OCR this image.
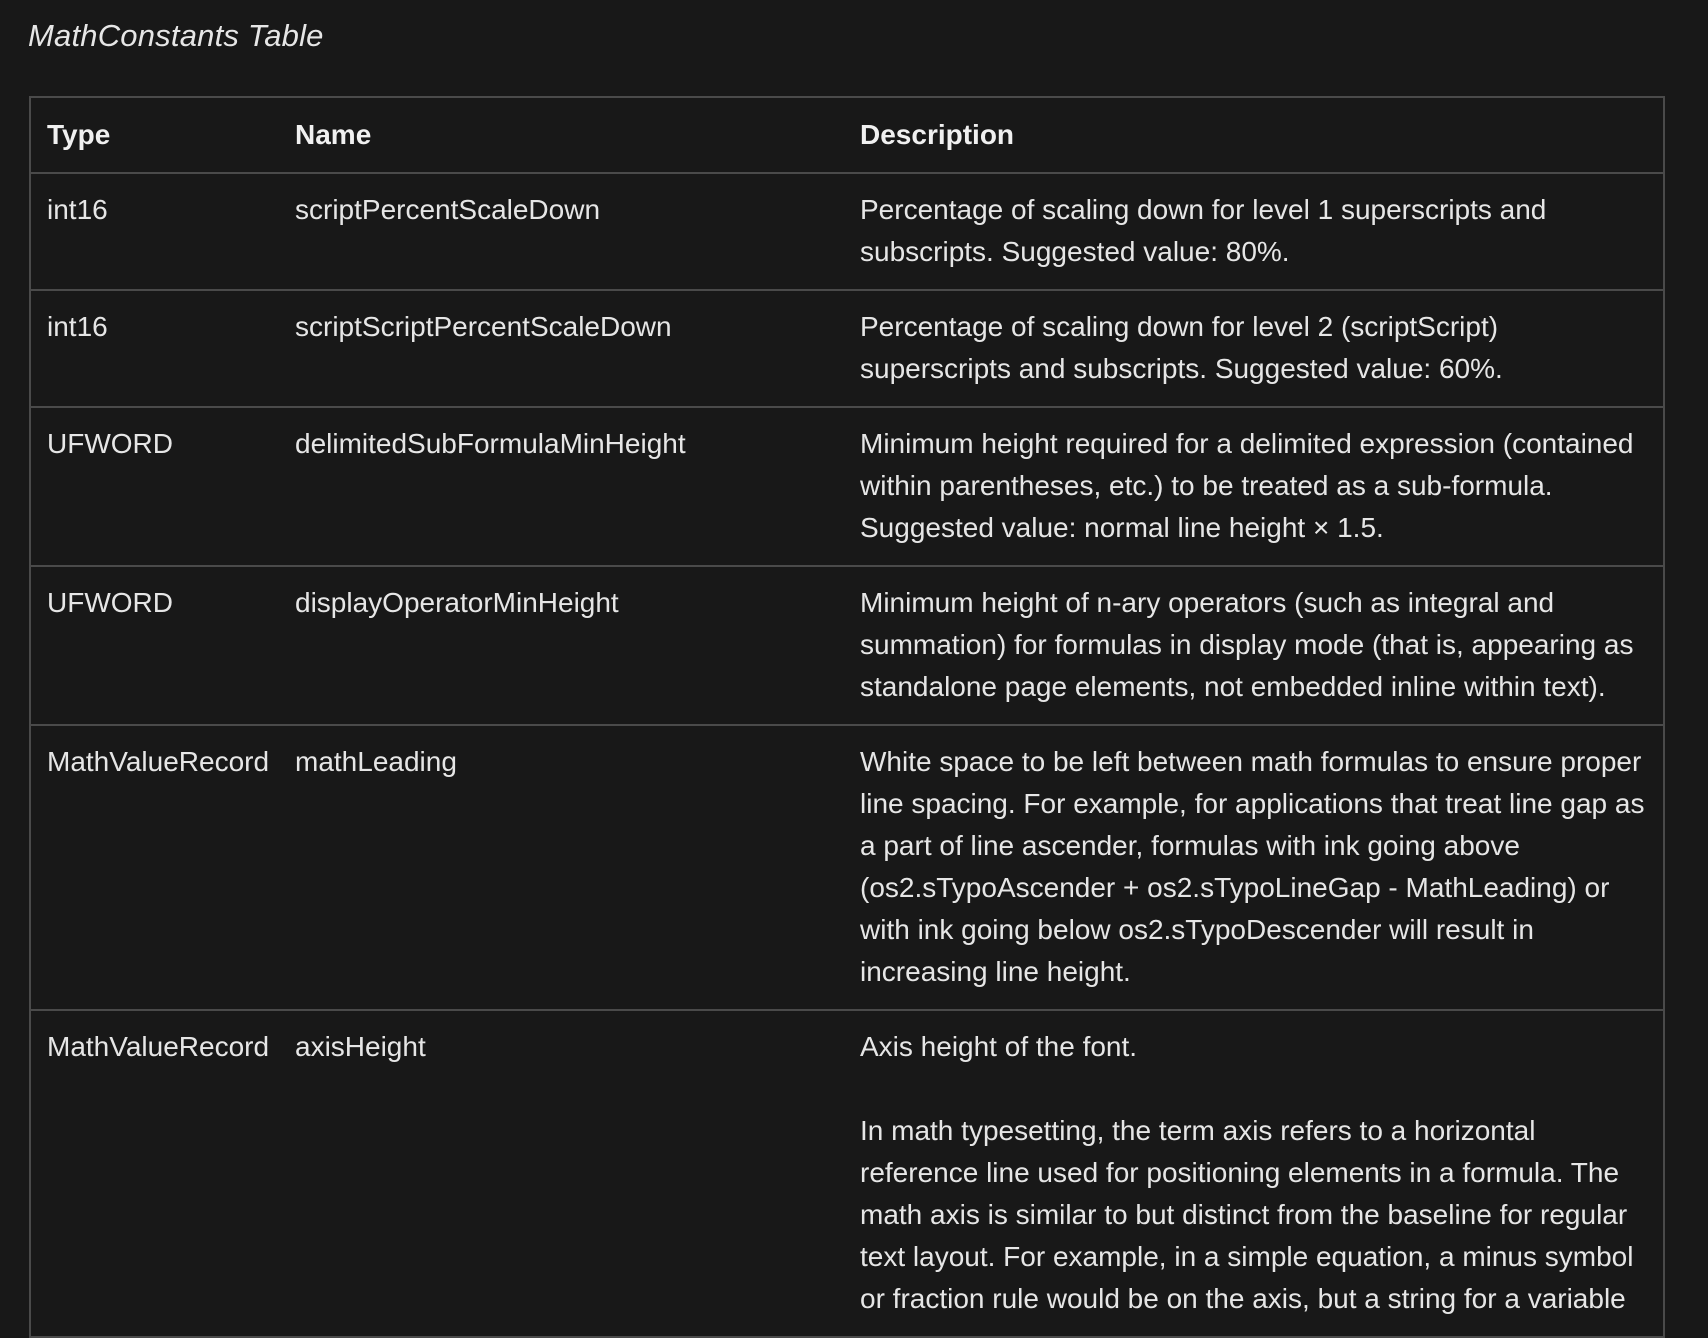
MathConstants Table
Type	Name	Description
int16	scriptPercentScaleDown	Percentage of scaling down for level 1 superscripts and subscripts. Suggested value: 80%.

int16	scriptScriptPercentScaleDown	Percentage of scaling down for level 2 (scriptScript) superscripts and subscripts. Suggested value: 60%.

UFWORD	delimitedSubFormulaMinHeight	Minimum height required for a delimited expression (contained within parentheses, etc.) to be treated as a sub-formula. Suggested value: normal line height × 1.5.

UFWORD	displayOperatorMinHeight	Minimum height of n-ary operators (such as integral and summation) for formulas in display mode (that is, appearing as standalone page elements, not embedded inline within text).

MathValueRecord	mathLeading	White space to be left between math formulas to ensure proper line spacing. For example, for applications that treat line gap as a part of line ascender, formulas with ink going above (os2.sTypoAscender + os2.sTypoLineGap - MathLeading) or with ink going below os2.sTypoDescender will result in increasing line height.

MathValueRecord	axisHeight	Axis height of the font.
In math typesetting, the term axis refers to a horizontal reference line used for positioning elements in a formula. The math axis is similar to but distinct from the baseline for regular text layout. For example, in a simple equation, a minus symbol or fraction rule would be on the axis, but a string for a variable
